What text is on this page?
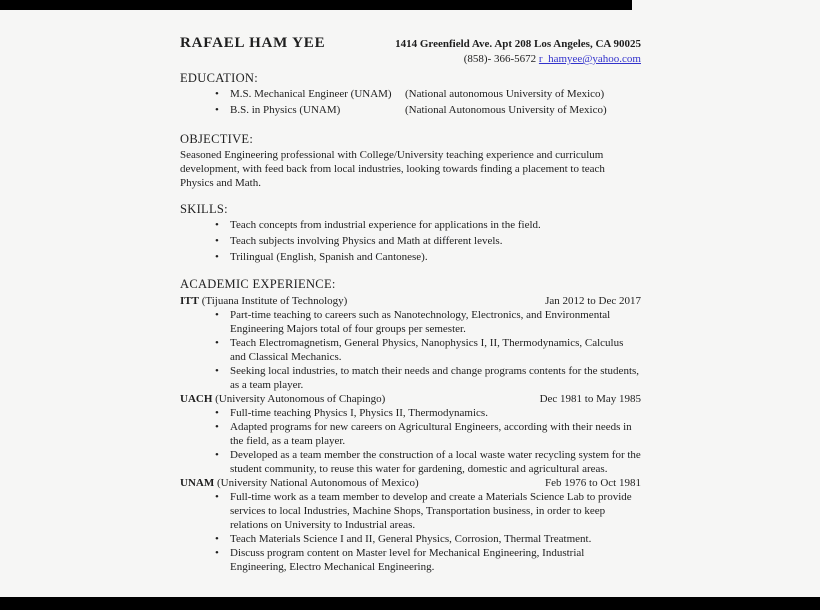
RAFAEL HAM YEE	1414 Greenfield Ave. Apt 208 Los Angeles, CA 90025
(858)- 366-5672 r_hamyee@yahoo.com
EDUCATION:
•	M.S. Mechanical Engineer (UNAM)	(National autonomous University of Mexico)
•	B.S. in Physics (UNAM)	(National Autonomous University of Mexico)
OBJECTIVE:
Seasoned Engineering professional with College/University teaching experience and curriculum development, with feed back from local industries, looking towards finding a placement to teach Physics and Math.
SKILLS:
•	Teach concepts from industrial experience for applications in the field.
•	Teach subjects involving Physics and Math at different levels.
•	Trilingual (English, Spanish and Cantonese).
ACADEMIC EXPERIENCE:
ITT (Tijuana Institute of Technology)	Jan 2012 to Dec 2017
•	Part-time teaching to careers such as Nanotechnology, Electronics, and Environmental Engineering Majors total of four groups per semester.
•	Teach Electromagnetism, General Physics, Nanophysics I, II, Thermodynamics, Calculus and Classical Mechanics.
•	Seeking local industries, to match their needs and change programs contents for the students, as a team player.
UACH (University Autonomous of Chapingo)	Dec 1981 to May 1985
•	Full-time teaching Physics I, Physics II, Thermodynamics.
•	Adapted programs for new careers on Agricultural Engineers, according with their needs in the field, as a team player.
•	Developed as a team member the construction of a local waste water recycling system for the student community, to reuse this water for gardening, domestic and agricultural areas.
UNAM (University National Autonomous of Mexico)	Feb 1976 to Oct 1981
•	Full-time work as a team member to develop and create a Materials Science Lab to provide services to local Industries, Machine Shops, Transportation business, in order to keep relations on University to Industrial areas.
•	Teach Materials Science I and II, General Physics, Corrosion, Thermal Treatment.
•	Discuss program content on Master level for Mechanical Engineering, Industrial Engineering, Electro Mechanical Engineering.
